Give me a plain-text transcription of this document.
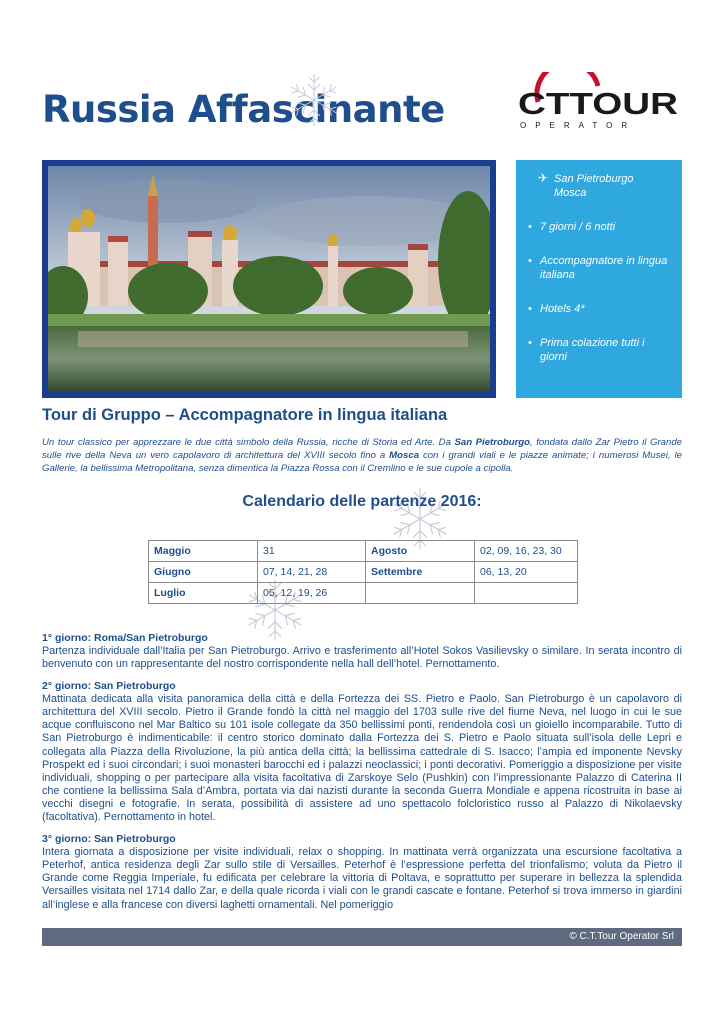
Russia Affascinante CTTOUR
OPERATOR
✈ San Pietroburgo
Mosca
• 7 giorni / 6 notti
• Accompagnatore in lingua italiana
• Hotels 4*
• Prima colazione tutti i giorni
Tour di Gruppo – Accompagnatore in lingua italiana

Un tour classico per apprezzare le due città simbolo della Russia, ricche di Storia ed Arte. Da San Pietroburgo, fondata dallo Zar Pietro il Grande sulle rive della Neva un vero capolavoro di architettura del XVIII secolo fino a Mosca con i grandi viali e le piazze animate; i numerosi Musei, le Gallerie, la bellissima Metropolitana, senza dimentica la Piazza Rossa con il Cremlino e le sue cupole a cipolla.

Calendario delle partenze 2016:
Maggio	31	Agosto	02, 09, 16, 23, 30
Giugno	07, 14, 21, 28	Settembre	06, 13, 20
Luglio	05, 12, 19, 26		
1° giorno: Roma/San Pietroburgo

Partenza individuale dall’Italia per San Pietroburgo. Arrivo e trasferimento all’Hotel Sokos Vasilievsky o similare. In serata incontro di benvenuto con un rappresentante del nostro corrispondente nella hall dell’hotel. Pernottamento.

2° giorno: San Pietroburgo

Mattinata dedicata alla visita panoramica della città e della Fortezza dei SS. Pietro e Paolo. San Pietroburgo è un capolavoro di architettura del XVIII secolo. Pietro il Grande fondò la città nel maggio del 1703 sulle rive del fiume Neva, nel luogo in cui le sue acque confluiscono nel Mar Baltico su 101 isole collegate da 350 bellissimi ponti, rendendola così un gioiello incomparabile. Tutto di San Pietroburgo è indimenticabile: il centro storico dominato dalla Fortezza dei S. Pietro e Paolo situata sull’isola delle Lepri e collegata alla Piazza della Rivoluzione, la più antica della città; la bellissima cattedrale di S. Isacco; l’ampia ed imponente Nevsky Prospekt ed i suoi circondari; i suoi monasteri barocchi ed i palazzi neoclassici; i ponti decorativi. Pomeriggio a disposizione per visite individuali, shopping o per partecipare alla visita facoltativa di Zarskoye Selo (Pushkin) con l’impressionante Palazzo di Caterina II che contiene la bellissima Sala d’Ambra, portata via dai nazisti durante la seconda Guerra Mondiale e appena ricostruita in base ai vecchi disegni e fotografie. In serata, possibilità di assistere ad uno spettacolo folcloristico russo al Palazzo di Nikolaevsky (facoltativa). Pernottamento in hotel.

3° giorno: San Pietroburgo

Intera giornata a disposizione per visite individuali, relax o shopping. In mattinata verrà organizzata una escursione facoltativa a Peterhof, antica residenza degli Zar sullo stile di Versailles. Peterhof è l’espressione perfetta del trionfalismo; voluta da Pietro il Grande come Reggia Imperiale, fu edificata per celebrare la vittoria di Poltava, e soprattutto per superare in bellezza la splendida Versailles visitata nel 1714 dallo Zar, e della quale ricorda i viali con le grandi cascate e fontane. Peterhof si trova immerso in giardini all’inglese e alla francese con diversi laghetti ornamentali. Nel pomeriggio

© C.T.Tour Operator Srl
